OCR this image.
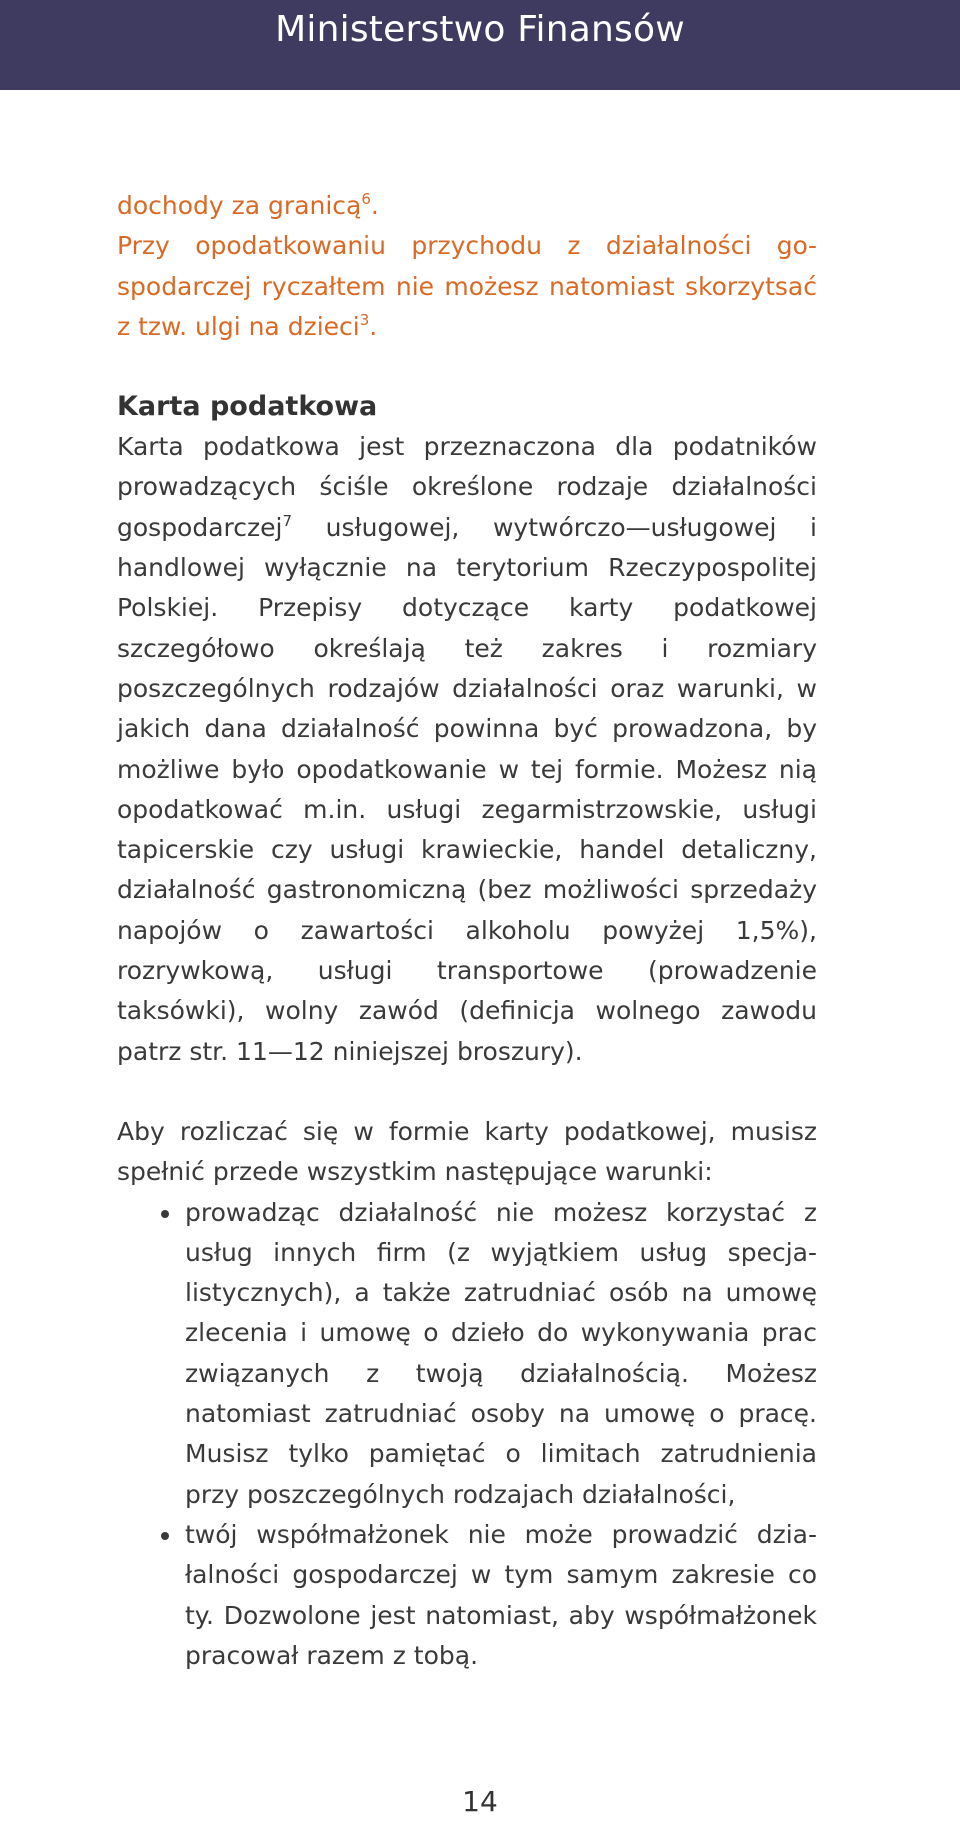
Ministerstwo Finansów

dochody za granicą$^6$.

Przy opodatkowaniu przychodu z działalności gospodarczej ryczałtem nie możesz natomiast skorzytsać z tzw. ulgi na dzieci$^3$.

Karta podatkowa

Karta podatkowa jest przeznaczona dla podatników prowadzących ściśle określone rodzaje działalności gospodarczej$^7$ usługowej, wytwórczo—usługowej i handlowej wyłącznie na terytorium Rzeczypospolitej Polskiej. Przepisy dotyczące karty podatkowej szczegółowo określają też zakres i rozmiary poszczególnych rodzajów działalności oraz warunki, w jakich dana działalność powinna być prowadzona, by możliwe było opodatkowanie w tej formie. Możesz nią opodatkować m.in. usługi zegarmistrzowskie, usługi tapicerskie czy usługi krawieckie, handel detaliczny, działalność gastronomiczną (bez możliwości sprzedaży napojów o zawartości alkoholu powyżej 1,5%), rozrywkową, usługi transportowe (prowadzenie taksówki), wolny zawód (definicja wolnego zawodu patrz str. 11—12 niniejszej broszury).

Aby rozliczać się w formie karty podatkowej, musisz spełnić przede wszystkim następujące warunki:

prowadząc działalność nie możesz korzystać z usług innych firm (z wyjątkiem usług specjalistycznych), a także zatrudniać osób na umowę zlecenia i umowę o dzieło do wykonywania prac związanych z twoją działalnością. Możesz natomiast zatrudniać osoby na umowę o pracę. Musisz tylko pamiętać o limitach zatrudnienia przy poszczególnych rodzajach działalności,
twój współmałżonek nie może prowadzić działalności gospodarczej w tym samym zakresie co ty. Dozwolone jest natomiast, aby współmałżonek pracował razem z tobą.
14
